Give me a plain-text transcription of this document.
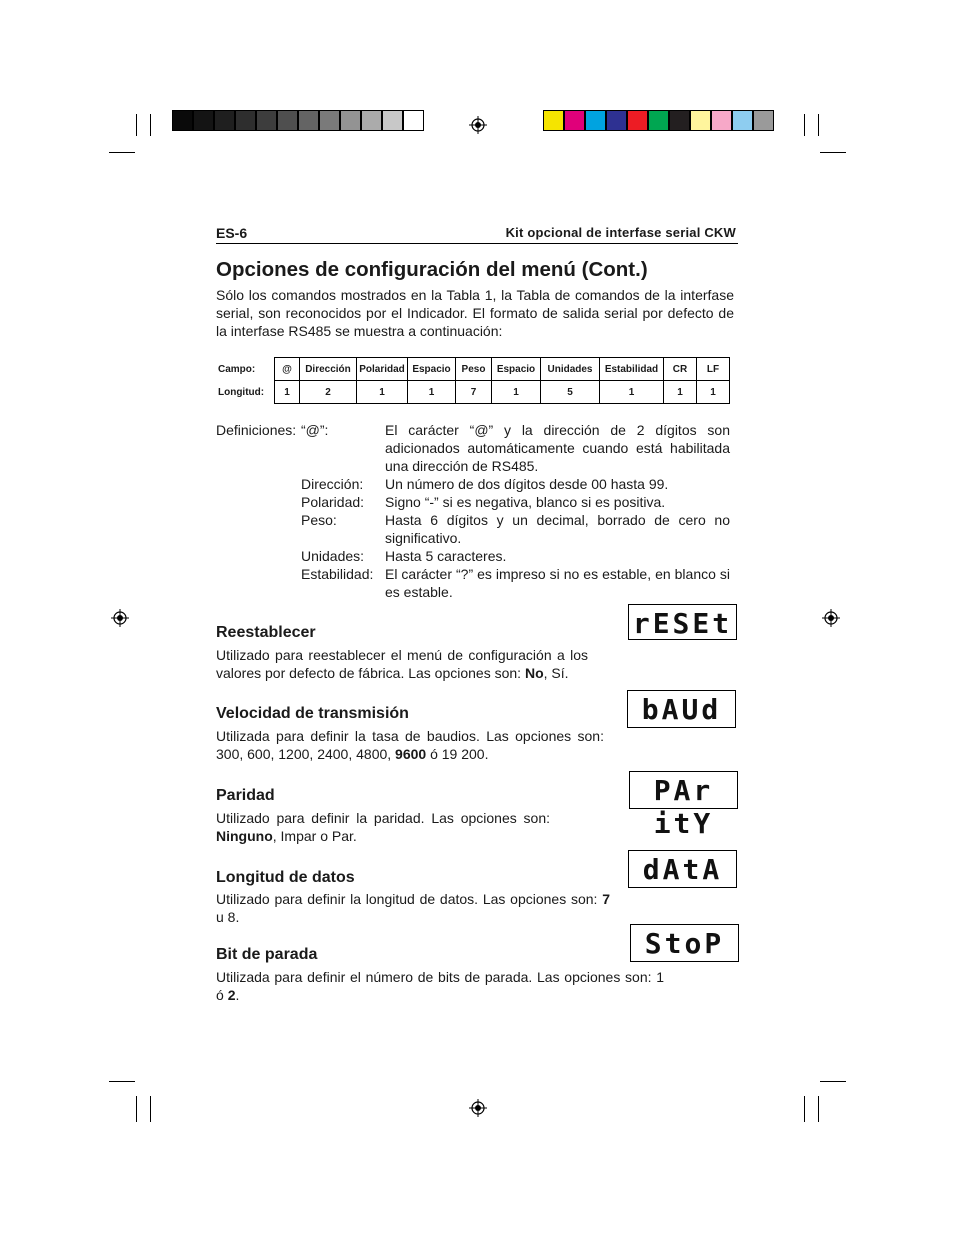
ES-6	Kit opcional de interfase serial CKW
Opciones de configuración del menú (Cont.)
Sólo los comandos mostrados en la Tabla 1, la Tabla de comandos de la interfase serial, son reconocidos por el Indicador. El formato de salida serial por defecto de la interfase RS485 se muestra a continuación:
Campo:	@	Dirección	Polaridad	Espacio	Peso	Espacio	Unidades	Estabilidad	CR	LF
Longitud:	1	2	1	1	7	1	5	1	1	1
Definiciones: “@”:	El carácter “@” y la dirección de 2 dígitos son adicionados automáticamente cuando está habilitada una dirección de RS485.
Dirección: Un número de dos dígitos desde 00 hasta 99.
Polaridad: Signo “-” si es negativa, blanco si es positiva.
Peso:	Hasta 6 dígitos y un decimal, borrado de cero no significativo.
Unidades: Hasta 5 caracteres.
Estabilidad: El carácter “?” es impreso si no es estable, en blanco si es estable.
Reestablecer
Utilizado para reestablecer el menú de configuración a los valores por defecto de fábrica. Las opciones son: No, Sí.
rESEt
Velocidad de transmisión
Utilizada para definir la tasa de baudios. Las opciones son: 300, 600, 1200, 2400, 4800, 9600 ó 19 200.
bAUd
Paridad
Utilizado para definir la paridad. Las opciones son: Ninguno, Impar o Par.
PAr itY
Longitud de datos
Utilizado para definir la longitud de datos. Las opciones son: 7 u 8.
dAtA
Bit de parada
Utilizada para definir el número de bits de parada. Las opciones son: 1 ó 2.
StoP
